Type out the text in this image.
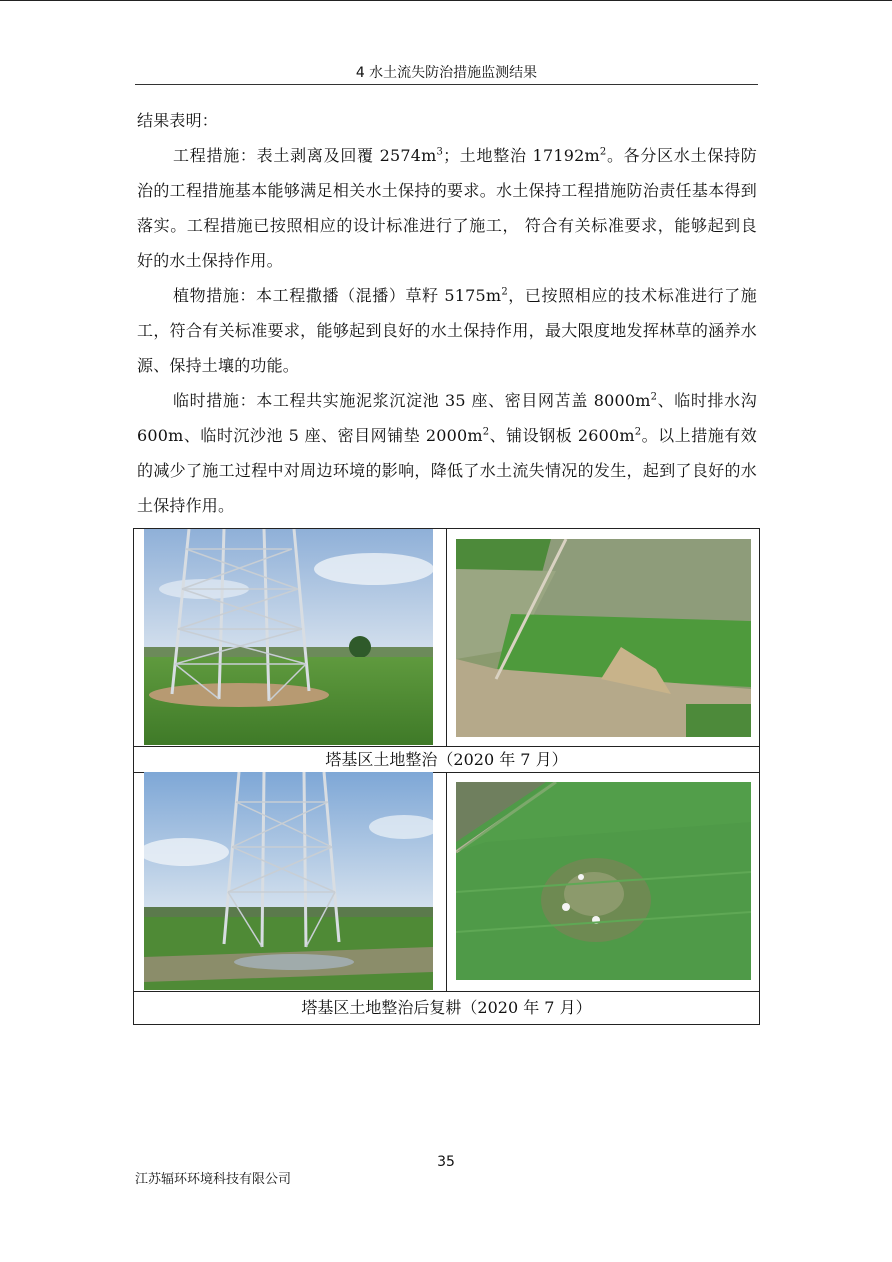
4 水土流失防治措施监测结果

结果表明：

工程措施：表土剥离及回覆 $2574m^3$；土地整治 $17192m^2$。各分区水土保持防治的工程措施基本能够满足相关水土保持的要求。水土保持工程措施防治责任基本得到落实。工程措施已按照相应的设计标准进行了施工， 符合有关标准要求，能够起到良好的水土保持作用。

植物措施：本工程撒播（混播）草籽 $5175m^2$，已按照相应的技术标准进行了施工，符合有关标准要求，能够起到良好的水土保持作用，最大限度地发挥林草的涵养水源、保持土壤的功能。

临时措施：本工程共实施泥浆沉淀池 35 座、密目网苫盖 $8000m^2$、临时排水沟 600m、临时沉沙池 5 座、密目网铺垫 $2000m^2$、铺设钢板 $2600m^2$。以上措施有效的减少了施工过程中对周边环境的影响，降低了水土流失情况的发生，起到了良好的水土保持作用。

塔基区土地整治（2020 年 7 月）
塔基区土地整治后复耕（2020 年 7 月）
35
江苏辐环环境科技有限公司
